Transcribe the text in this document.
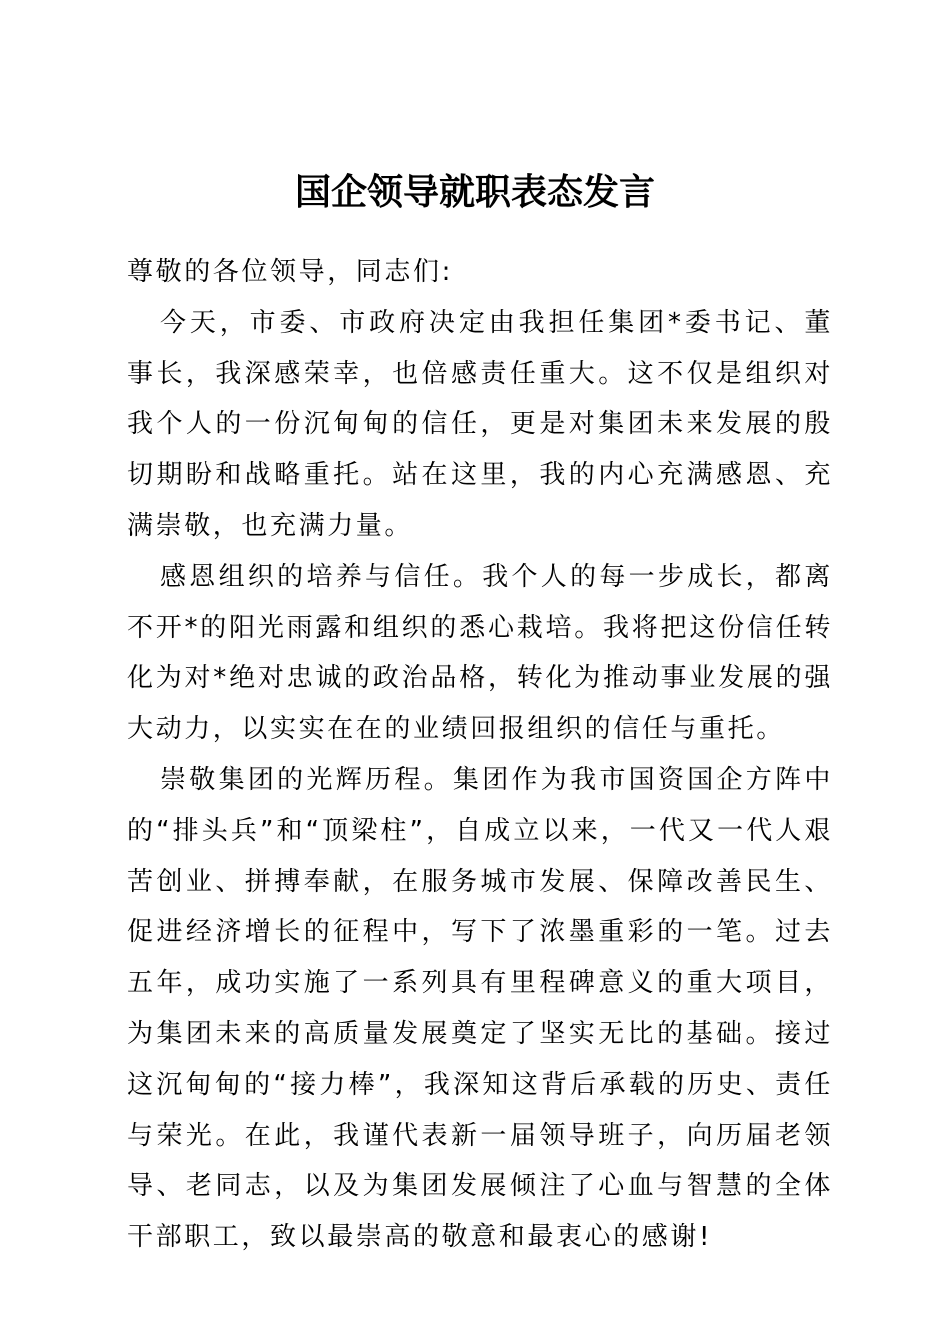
国企领导就职表态发言

尊敬的各位领导，同志们:

今天，市委、市政府决定由我担任集团*委书记、董事长，我深感荣幸，也倍感责任重大。这不仅是组织对我个人的一份沉甸甸的信任，更是对集团未来发展的殷切期盼和战略重托。站在这里，我的内心充满感恩、充满崇敬，也充满力量。

感恩组织的培养与信任。我个人的每一步成长，都离不开*的阳光雨露和组织的悉心栽培。我将把这份信任转化为对*绝对忠诚的政治品格，转化为推动事业发展的强大动力，以实实在在的业绩回报组织的信任与重托。

崇敬集团的光辉历程。集团作为我市国资国企方阵中的“排头兵”和“顶梁柱”，自成立以来，一代又一代人艰苦创业、拼搏奉献，在服务城市发展、保障改善民生、促进经济增长的征程中，写下了浓墨重彩的一笔。过去五年，成功实施了一系列具有里程碑意义的重大项目，为集团未来的高质量发展奠定了坚实无比的基础。接过这沉甸甸的“接力棒”，我深知这背后承载的历史、责任与荣光。在此，我谨代表新一届领导班子，向历届老领导、老同志，以及为集团发展倾注了心血与智慧的全体干部职工，致以最崇高的敬意和最衷心的感谢!
